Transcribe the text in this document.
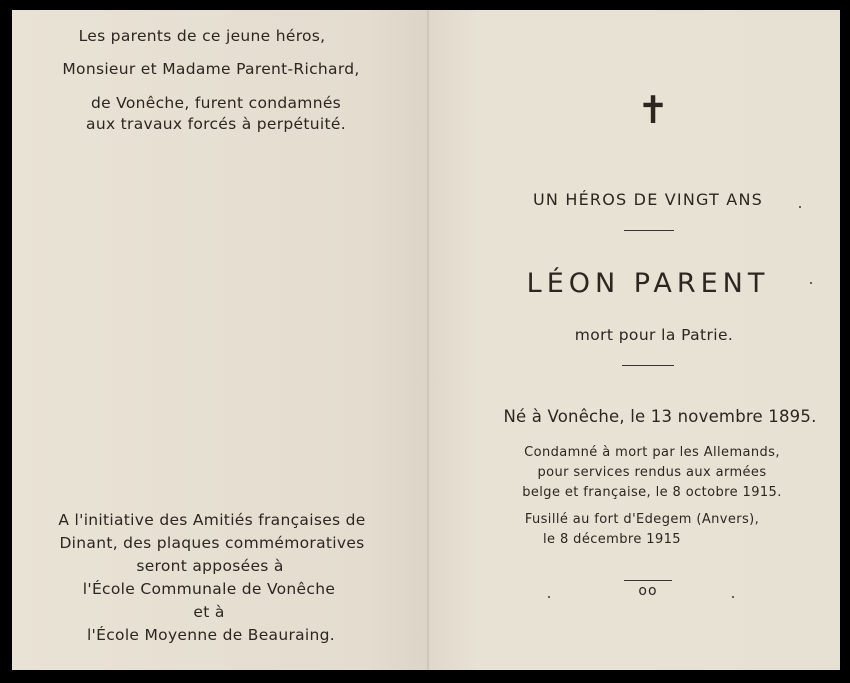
Les parents de ce jeune héros,
Monsieur et Madame Parent-Richard,
de Vonêche, furent condamnés
aux travaux forcés à perpétuité.
A l'initiative des Amitiés françaises de
Dinant, des plaques commémoratives
seront apposées à
l'École Communale de Vonêche
et à
l'École Moyenne de Beauraing.
✝
UN HÉROS DE VINGT ANS
LÉON PARENT
mort pour la Patrie.
Né à Vonêche, le 13 novembre 1895.
Condamné à mort par les Allemands,
pour services rendus aux armées
belge et française, le 8 octobre 1915.
Fusillé au fort d'Edegem (Anvers),
le 8 décembre 1915
oo
